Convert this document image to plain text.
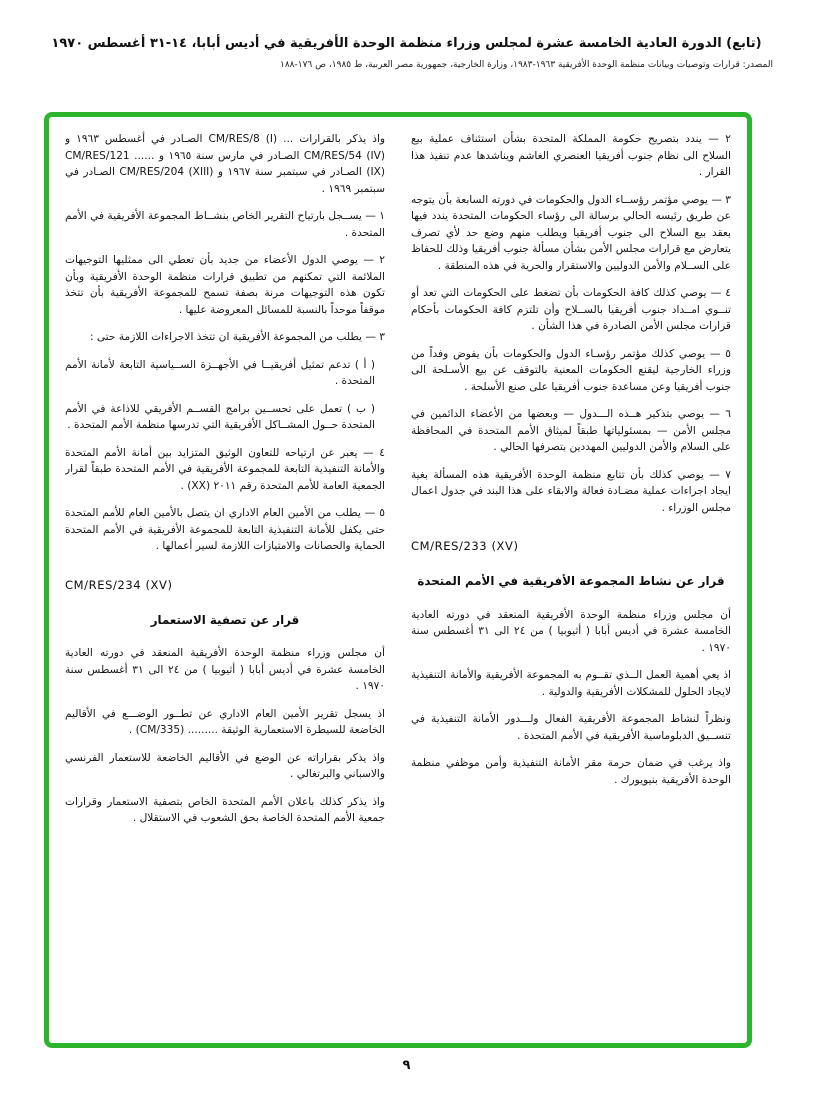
(تابع) الدورة العادية الخامسة عشرة لمجلس وزراء منظمة الوحدة الأفريقية في أديس أبابا، ١٤-٣١ أغسطس ١٩٧٠
المصدر: قرارات وتوصيات وبيانات منظمة الوحدة الأفريقية ١٩٦٣-١٩٨٣، وزارة الخارجية، جمهورية مصر العربية، ط ١٩٨٥، ص ١٧٦-١٨٨

٢ — يندد بتصريح حكومة المملكة المتحدة بشأن استئناف عملية بيع السلاح الى نظام جنوب أفريقيا العنصري الغاشم ويناشدها عدم تنفيذ هذا القرار .

٣ — يوصي مؤتمر رؤســاء الدول والحكومات في دورته السابعة بأن يتوجه عن طريق رئيسه الحالي برسالة الى رؤساء الحكومات المتحدة يندد فيها بعقد بيع السلاح الى جنوب أفريقيا ويطلب منهم وضع حد لأي تصرف يتعارض مع قرارات مجلس الأمن بشأن مسألة جنوب أفريقيا وذلك للحفاظ على الســلام والأمن الدوليين والاستقرار والحرية في هذه المنطقة .

٤ — يوصي كذلك كافة الحكومات بأن تضغط على الحكومات التي تعد أو تنــوي امــداد جنوب أفريقيا بالســلاح وأن تلتزم كافة الحكومات بأحكام قرارات مجلس الأمن الصادرة في هذا الشأن .

٥ — يوصي كذلك مؤتمر رؤسـاء الدول والحكومات بأن يفوض وفداً من وزراء الخارجية ليقنع الحكومات المعنية بالتوقف عن بيع الأسـلحة الى جنوب أفريقيا وعن مساعدة جنوب أفريقيا على صنع الأسلحة .

٦ — يوصي بتذكير هــذه الـــدول — وبعضها من الأعضاء الدائمين في مجلس الأمن — بمسئولياتها طبقاً لميثاق الأمم المتحدة في المحافظة على السلام والأمن الدوليين المهددين بتصرفها الحالي .

٧ — يوصي كذلك بأن تتابع منظمة الوحدة الأفريقية هذه المسألة بغية ايجاد اجراءات عملية مضـادة فعالة والابقاء على هذا البند في جدول اعمال مجلس الوزراء .

CM/RES/233 (XV)
قرار عن نشاط المجموعة الأفريقية في الأمم المتحدة

أن مجلس وزراء منظمة الوحدة الأفريقية المنعقد في دورته العادية الخامسة عشرة في أديس أبابا ( أثيوبيا ) من ٢٤ الى ٣١ أغسطس سنة ١٩٧٠ .

اذ يعي أهمية العمل الــذي تقــوم به المجموعة الأفريقية والأمانة التنفيذية لايجاد الحلول للمشكلات الأفريقية والدولية .

ونظراً لنشاط المجموعة الأفريقية الفعال ولـــدور الأمانة التنفيذية في تنســيق الدبلوماسية الأفريقية في الأمم المتحدة .

واذ يرغب في ضمان حرمة مقر الأمانة التنفيذية وأمن موظفي منظمة الوحدة الأفريقية بنيويورك .

واذ يذكر بالقرارات ... CM/RES/8 (I) الصـادر في أغسطس ١٩٦٣ و CM/RES/54 (IV) الصـادر في مارس سنة ١٩٦٥ و ...... CM/RES/121 (IX) الصـادر في سبتمبر سنة ١٩٦٧ و CM/RES/204 (XIII) الصـادر في سبتمبر ١٩٦٩ .

١ — يســجل بارتياح التقرير الخاص بنشــاط المجموعة الأفريقية في الأمم المتحدة .

٢ — يوصي الدول الأعضاء من جديد بأن تعطي الى ممثليها التوجيهات الملائمة التي تمكنهم من تطبيق قرارات منظمة الوحدة الأفريقية وبأن تكون هذه التوجيهات مرنة بصفة تسمح للمجموعة الأفريقية بأن تتخذ موقفاً موحداً بالنسبة للمسائل المعروضة عليها .

٣ — يطلب من المجموعة الأفريقية ان تتخذ الاجراءات اللازمة حتى :

( أ ) تدعم تمثيل أفريقيــا في الأجهــزة الســياسية التابعة لأمانة الأمم المتحدة .

( ب ) تعمل على تحســين برامج القســم الأفريقي للاذاعة في الأمم المتحدة حــول المشــاكل الأفريقية التي تدرسها منظمة الأمم المتحدة .

٤ — يعبر عن ارتياحه للتعاون الوثيق المتزايد بين أمانة الأمم المتحدة والأمانة التنفيذية التابعة للمجموعة الأفريقية في الأمم المتحدة طبقاً لقرار الجمعية العامة للأمم المتحدة رقم ٢٠١١ (XX) .

٥ — يطلب من الأمين العام الاداري ان يتصل بالأمين العام للأمم المتحدة حتى يكفل للأمانة التنفيذية التابعة للمجموعة الأفريقية في الأمم المتحدة الحماية والحصانات والامتيازات اللازمة لسير أعمالها .

CM/RES/234 (XV)
قرار عن تصفية الاستعمار

أن مجلس وزراء منظمة الوحدة الأفريقية المنعقد في دورته العادية الخامسة عشرة في أديس أبابا ( أثيوبيا ) من ٢٤ الى ٣١ أغسطس سنة ١٩٧٠ .

اذ يسجل تقرير الأمين العام الاداري عن تطــور الوضـــع في الأقاليم الخاضعة للسيطرة الاستعمارية الوثيقة ......... (CM/335) .

واذ يذكر بقراراته عن الوضع في الأقاليم الخاضعة للاستعمار الفرنسي والاسباني والبرتغالي .

واذ يذكر كذلك باعلان الأمم المتحدة الخاص بتصفية الاستعمار وقرارات جمعية الأمم المتحدة الخاصة بحق الشعوب في الاستقلال .

٩
